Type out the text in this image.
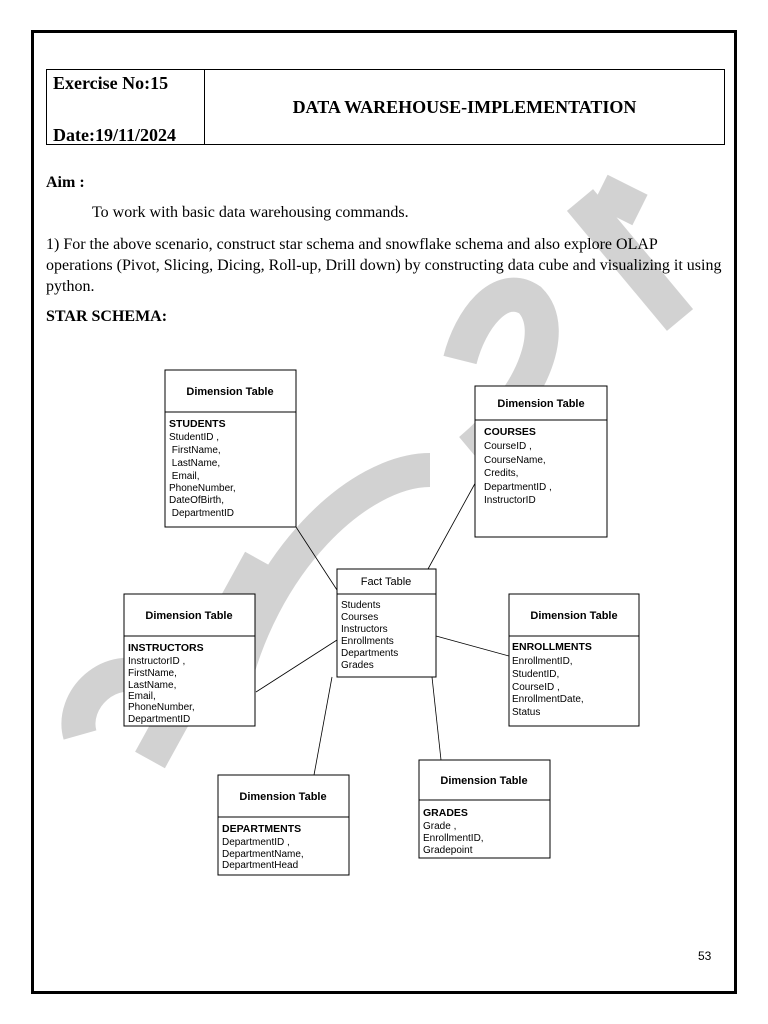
Exercise No:15
Date:19/11/2024
DATA WAREHOUSE-IMPLEMENTATION
Aim :
To work with basic data warehousing commands.
1) For the above scenario, construct star schema and snowflake schema and also explore OLAP operations (Pivot, Slicing, Dicing, Roll-up, Drill down) by constructing data cube and visualizing it using python.
STAR SCHEMA:
Fact Table
Students
Courses
Instructors
Enrollments
Departments
Grades
Dimension Table
STUDENTS
StudentID ,
FirstName,
LastName,
Email,
PhoneNumber,
DateOfBirth,
DepartmentID
Dimension Table
COURSES
CourseID ,
CourseName,
Credits,
DepartmentID ,
InstructorID
Dimension Table
INSTRUCTORS
InstructorID ,
FirstName,
LastName,
Email,
PhoneNumber,
DepartmentID
Dimension Table
ENROLLMENTS
EnrollmentID,
StudentID,
CourseID ,
EnrollmentDate,
Status
Dimension Table
DEPARTMENTS
DepartmentID ,
DepartmentName,
DepartmentHead
Dimension Table
GRADES
Grade ,
EnrollmentID,
Gradepoint
53
